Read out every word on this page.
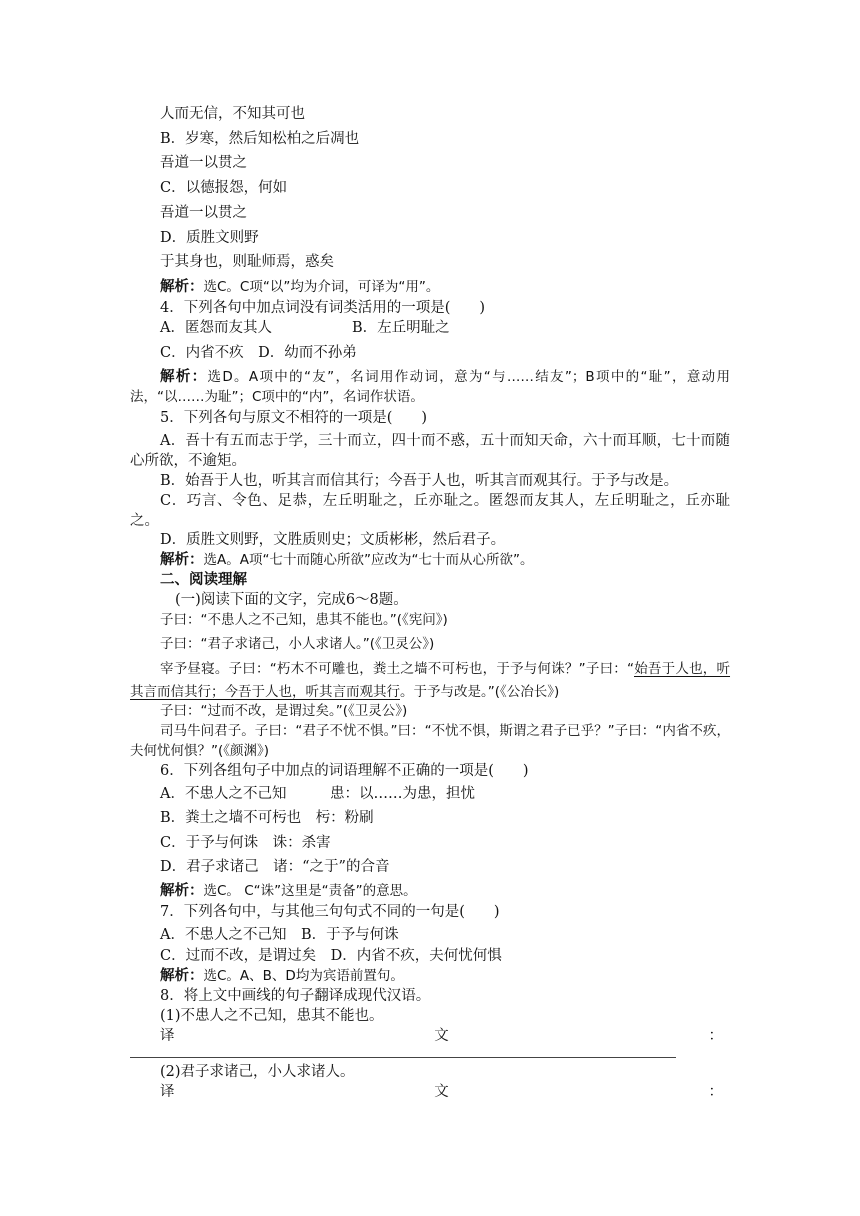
人而无信，不知其可也
B．岁寒，然后知松柏之后凋也
吾道一以贯之
C．以德报怨，何如
吾道一以贯之
D．质胜文则野
于其身也，则耻师焉，惑矣
解析：选C。C项“以”均为介词，可译为“用”。
4．下列各句中加点词没有词类活用的一项是(　　)
A．匿怨而友其人	B．左丘明耻之
C．内省不疚　D．幼而不孙弟
解析：选D。A项中的“友”，名词用作动词，意为“与……结友”；B项中的“耻”，意动用法，“以……为耻”；C项中的“内”，名词作状语。
5．下列各句与原文不相符的一项是(　　)
A．吾十有五而志于学，三十而立，四十而不惑，五十而知天命，六十而耳顺，七十而随心所欲，不逾矩。
B．始吾于人也，听其言而信其行；今吾于人也，听其言而观其行。于予与改是。
C．巧言、令色、足恭，左丘明耻之，丘亦耻之。匿怨而友其人，左丘明耻之，丘亦耻之。
D．质胜文则野，文胜质则史；文质彬彬，然后君子。
解析：选A。A项“七十而随心所欲”应改为“七十而从心所欲”。
二、阅读理解
(一)阅读下面的文字，完成6～8题。
子曰：“不患人之不己知，患其不能也。”(《宪问》)
子曰：“君子求诸己，小人求诸人。”(《卫灵公》)
宰予昼寝。子曰：“朽木不可雕也，粪土之墙不可杇也，于予与何诛？”子曰：“始吾于人也，听其言而信其行；今吾于人也，听其言而观其行。于予与改是。”(《公冶长》)
子曰：“过而不改，是谓过矣。”(《卫灵公》)
司马牛问君子。子曰：“君子不忧不惧。”曰：“不忧不惧，斯谓之君子已乎？”子曰：“内省不疚，夫何忧何惧？”(《颜渊》)
6．下列各组句子中加点的词语理解不正确的一项是(　　)
A．不患人之不己知　　　患：以……为患，担忧
B．粪土之墙不可杇也　杇：粉刷
C．于予与何诛　诛：杀害
D．君子求诸己　诸：“之于”的合音
解析：选C。 C“诛”这里是“责备”的意思。
7．下列各句中，与其他三句句式不同的一句是(　　)
A．不患人之不己知　B．于予与何诛
C．过而不改，是谓过矣　D．内省不疚，夫何忧何惧
解析：选C。A、B、D均为宾语前置句。
8．将上文中画线的句子翻译成现代汉语。
(1)不患人之不己知，患其不能也。
译	文	：
(2)君子求诸己，小人求诸人。
译	文	：
